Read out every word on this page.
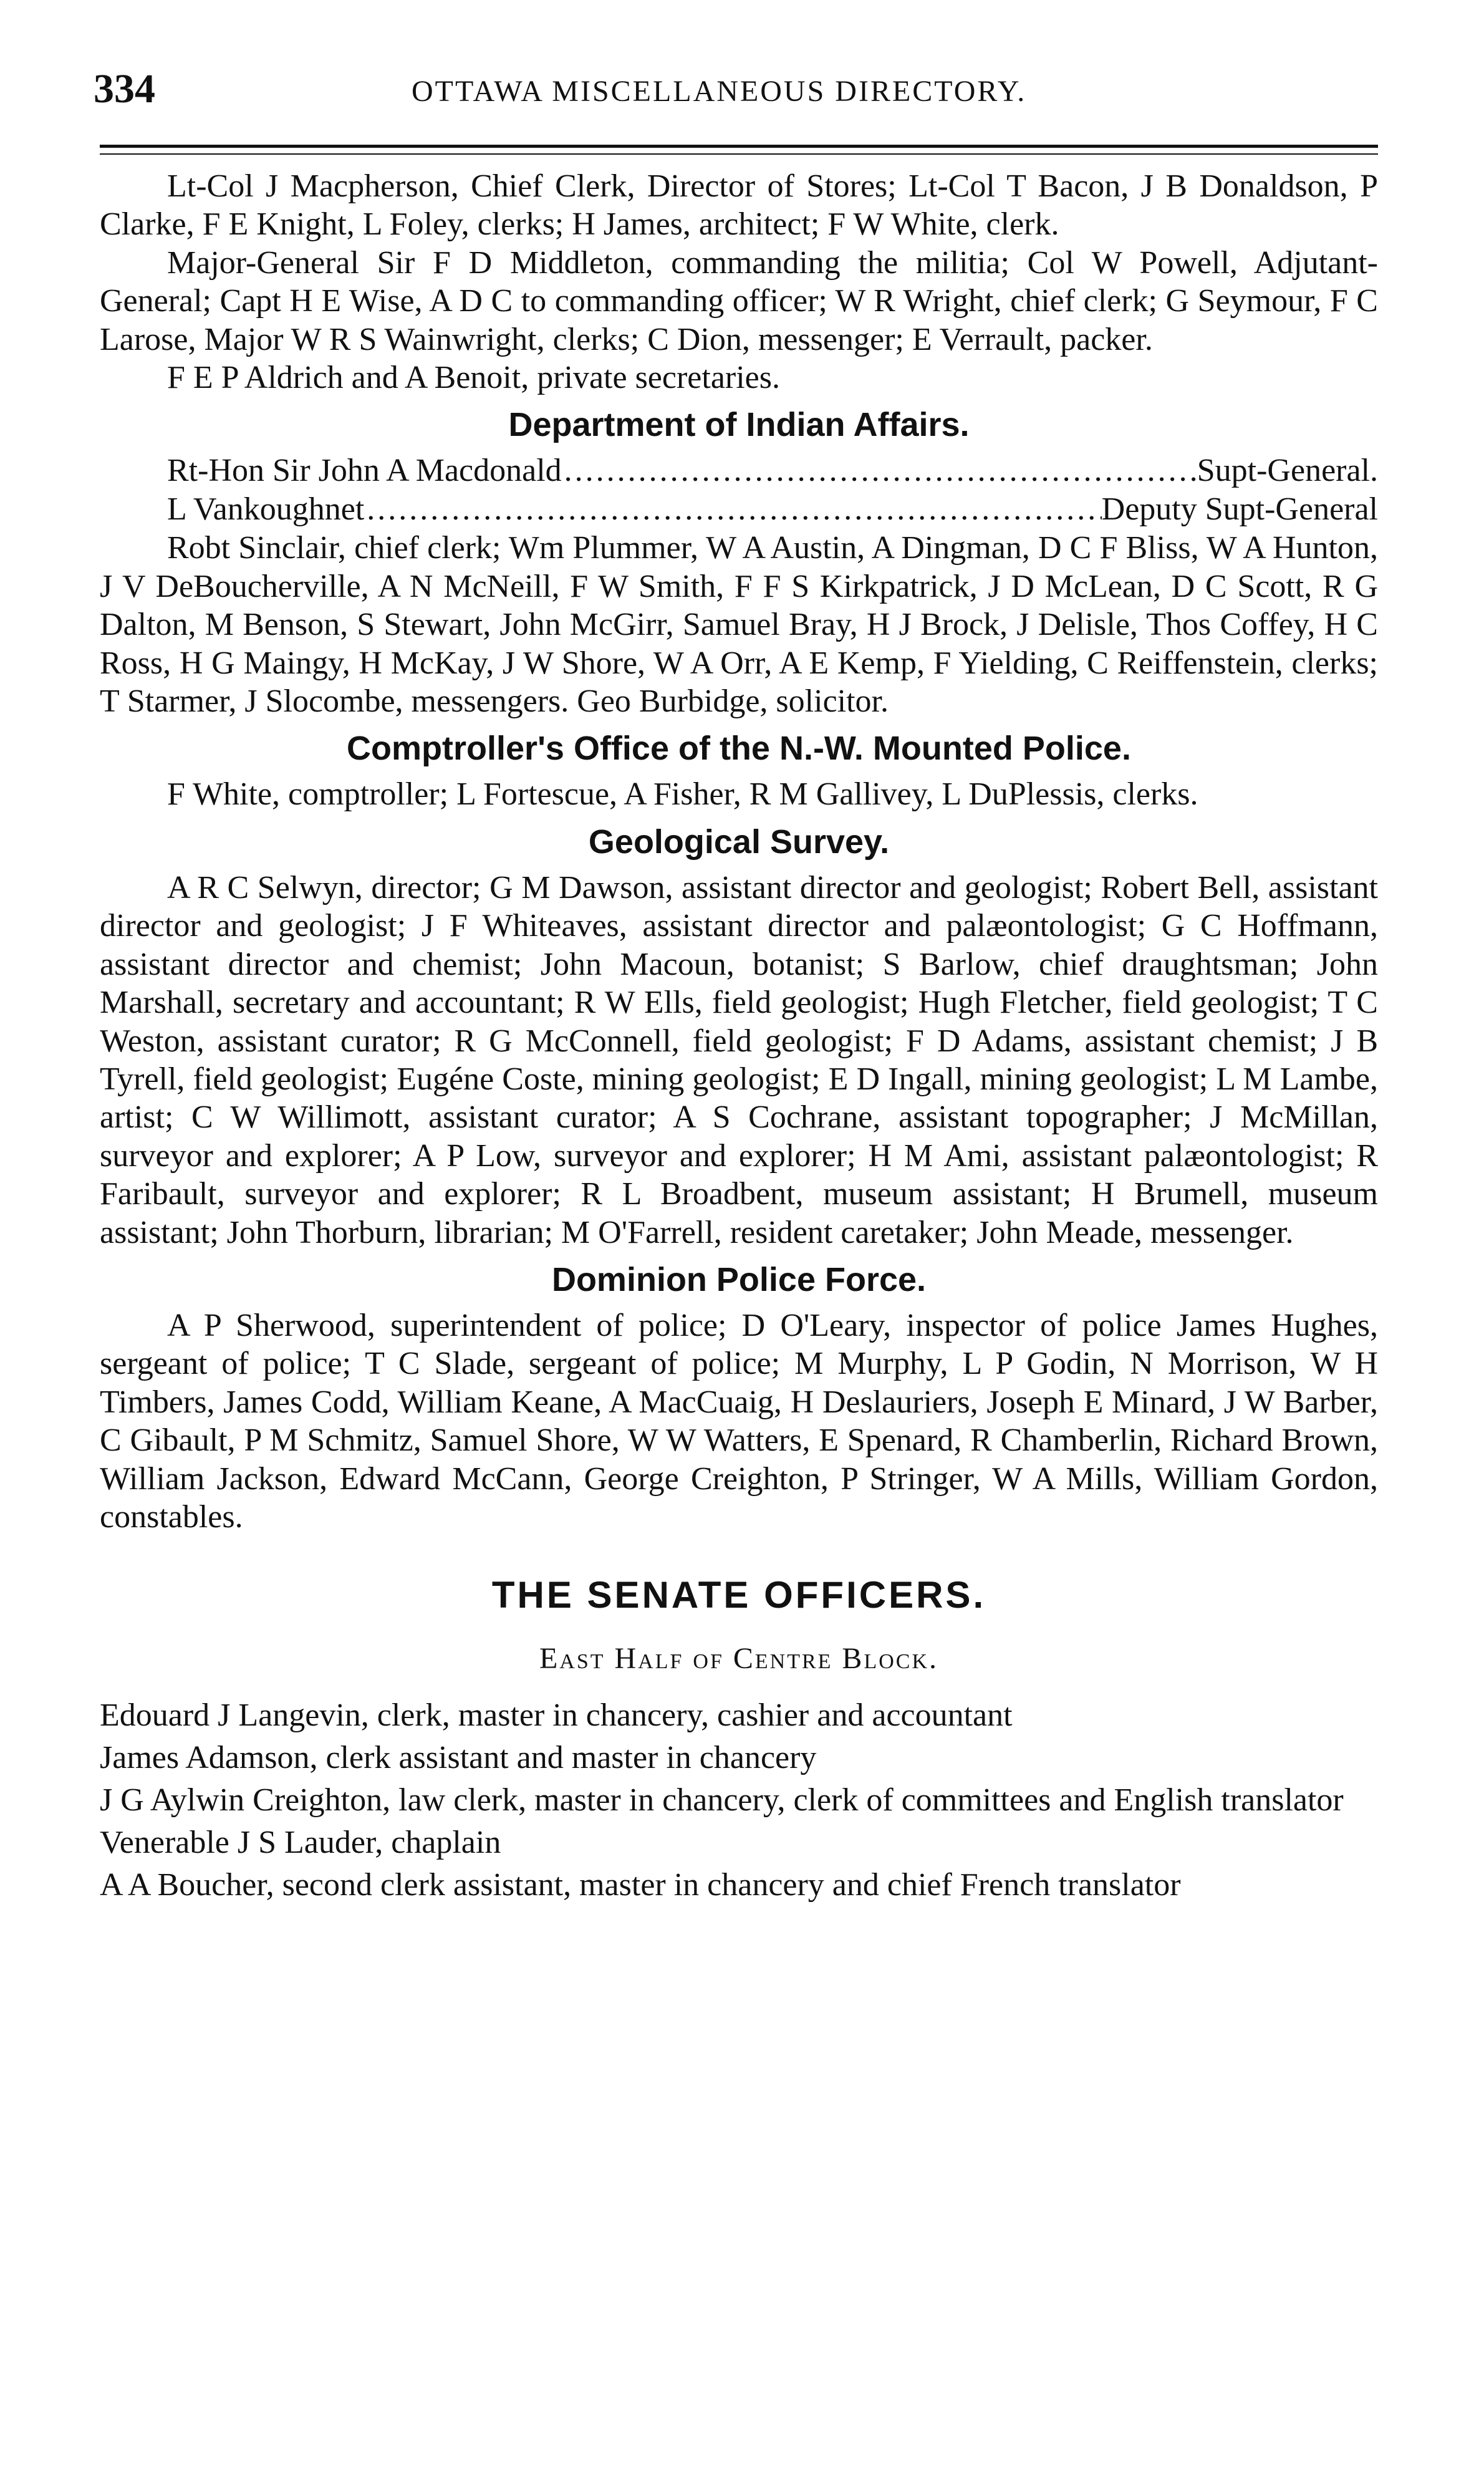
334	OTTAWA MISCELLANEOUS DIRECTORY.

Lt-Col J Macpherson, Chief Clerk, Director of Stores; Lt-Col T Bacon, J B Donaldson, P Clarke, F E Knight, L Foley, clerks; H James, architect; F W White, clerk.

Major-General Sir F D Middleton, commanding the militia; Col W Powell, Adjutant-General; Capt H E Wise, A D C to commanding officer; W R Wright, chief clerk; G Seymour, F C Larose, Major W R S Wainwright, clerks; C Dion, messenger; E Verrault, packer.

F E P Aldrich and A Benoit, private secretaries.

Department of Indian Affairs.
Rt-Hon Sir John A Macdonald .....	Supt-General.
L Vankoughnet .....	Deputy Supt-General

Robt Sinclair, chief clerk; Wm Plummer, W A Austin, A Dingman, D C F Bliss, W A Hunton, J V DeBoucherville, A N McNeill, F W Smith, F F S Kirkpatrick, J D McLean, D C Scott, R G Dalton, M Benson, S Stewart, John McGirr, Samuel Bray, H J Brock, J Delisle, Thos Coffey, H C Ross, H G Maingy, H McKay, J W Shore, W A Orr, A E Kemp, F Yielding, C Reiffenstein, clerks; T Starmer, J Slocombe, messengers. Geo Burbidge, solicitor.

Comptroller's Office of the N.-W. Mounted Police.

F White, comptroller; L Fortescue, A Fisher, R M Gallivey, L DuPlessis, clerks.

Geological Survey.

A R C Selwyn, director; G M Dawson, assistant director and geologist; Robert Bell, assistant director and geologist; J F Whiteaves, assistant director and palæontologist; G C Hoffmann, assistant director and chemist; John Macoun, botanist; S Barlow, chief draughtsman; John Marshall, secretary and accountant; R W Ells, field geologist; Hugh Fletcher, field geologist; T C Weston, assistant curator; R G McConnell, field geologist; F D Adams, assistant chemist; J B Tyrell, field geologist; Eugéne Coste, mining geologist; E D Ingall, mining geologist; L M Lambe, artist; C W Willimott, assistant curator; A S Cochrane, assistant topographer; J McMillan, surveyor and explorer; A P Low, surveyor and explorer; H M Ami, assistant palæontologist; R Faribault, surveyor and explorer; R L Broadbent, museum assistant; H Brumell, museum assistant; John Thorburn, librarian; M O'Farrell, resident caretaker; John Meade, messenger.

Dominion Police Force.

A P Sherwood, superintendent of police; D O'Leary, inspector of police James Hughes, sergeant of police; T C Slade, sergeant of police; M Murphy, L P Godin, N Morrison, W H Timbers, James Codd, William Keane, A MacCuaig, H Deslauriers, Joseph E Minard, J W Barber, C Gibault, P M Schmitz, Samuel Shore, W W Watters, E Spenard, R Chamberlin, Richard Brown, William Jackson, Edward McCann, George Creighton, P Stringer, W A Mills, William Gordon, constables.

THE SENATE OFFICERS.
East Half of Centre Block.

Edouard J Langevin, clerk, master in chancery, cashier and accountant

James Adamson, clerk assistant and master in chancery

J G Aylwin Creighton, law clerk, master in chancery, clerk of committees and English translator

Venerable J S Lauder, chaplain

A A Boucher, second clerk assistant, master in chancery and chief French translator
